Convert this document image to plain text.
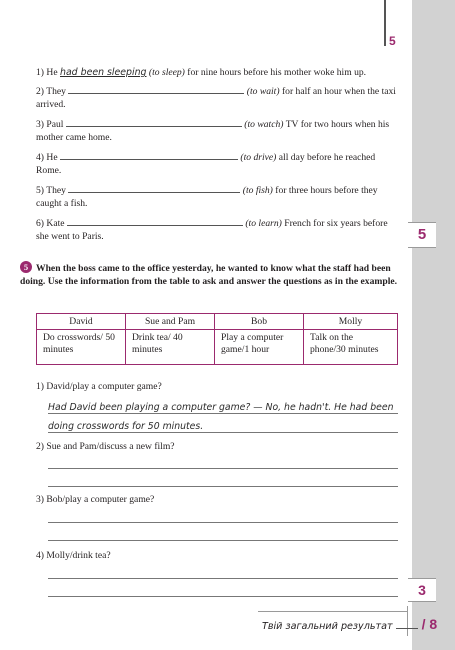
5
5
3
1) He had been sleeping (to sleep) for nine hours before his mother woke him up.
2) They	(to wait) for half an hour when the taxi arrived.
3) Paul	(to watch) TV for two hours when his mother came home.
4) He	(to drive) all day before he reached Rome.
5) They	(to fish) for three hours before they caught a fish.
6) Kate	(to learn) French for six years before she went to Paris.
5 When the boss came to the office yesterday, he wanted to know what the staff had been doing. Use the information from the table to ask and answer the questions as in the example.
David	Sue and Pam	Bob	Molly
Do crosswords/ 50 minutes	Drink tea/ 40 minutes	Play a computer game/1 hour	Talk on the phone/30 minutes
1) David/play a computer game?
Had David been playing a computer game? — No, he hadn't. He had been doing crosswords for 50 minutes.
2) Sue and Pam/discuss a new film?
3) Bob/play a computer game?
4) Molly/drink tea?
Твій загальний результат / 8
